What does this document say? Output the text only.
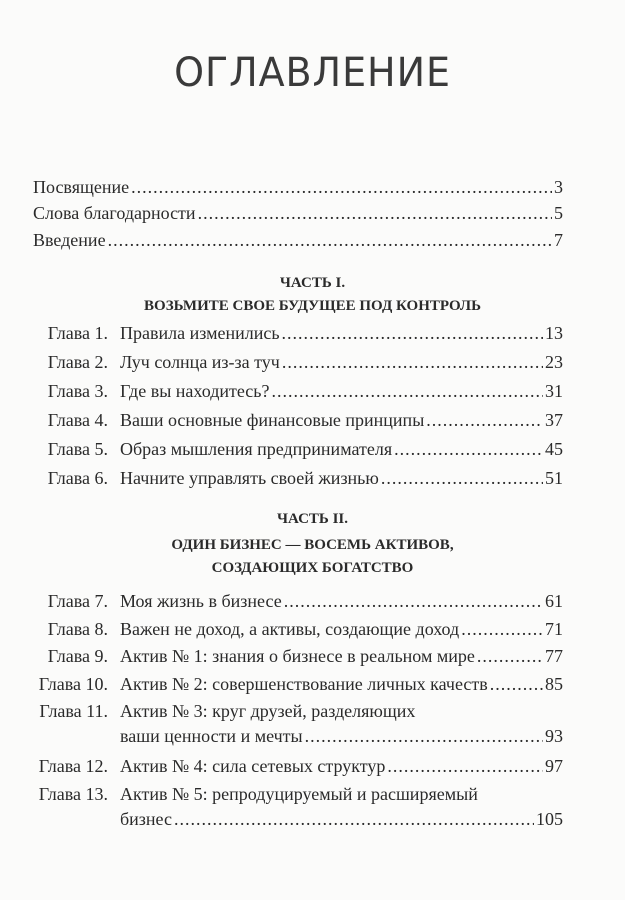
ОГЛАВЛЕНИЕ
Посвящение .....	3
Слова благодарности .....	5
Введение .....	7
ЧАСТЬ I.
ВОЗЬМИТЕ СВОЕ БУДУЩЕЕ ПОД КОНТРОЛЬ
ЧАСТЬ II.
ОДИН БИЗНЕС — ВОСЕМЬ АКТИВОВ,
СОЗДАЮЩИХ БОГАТСТВО
Глава 1. Правила изменились .....	13
Глава 2. Луч солнца из-за туч .....	23
Глава 3. Где вы находитесь? .....	31
Глава 4. Ваши основные финансовые принципы .....	37
Глава 5. Образ мышления предпринимателя .....	45
Глава 6. Начните управлять своей жизнью .....	51
Глава 7. Моя жизнь в бизнесе .....	61
Глава 8. Важен не доход, а активы, создающие доход .....	71
Глава 9. Актив № 1: знания о бизнесе в реальном мире .....	77
Глава 10. Актив № 2: совершенствование личных качеств .....	85
Глава 11. Актив № 3: круг друзей, разделяющих
ваши ценности и мечты .....	93
Глава 12. Актив № 4: сила сетевых структур .....	97
Глава 13. Актив № 5: репродуцируемый и расширяемый
бизнес .....	105
